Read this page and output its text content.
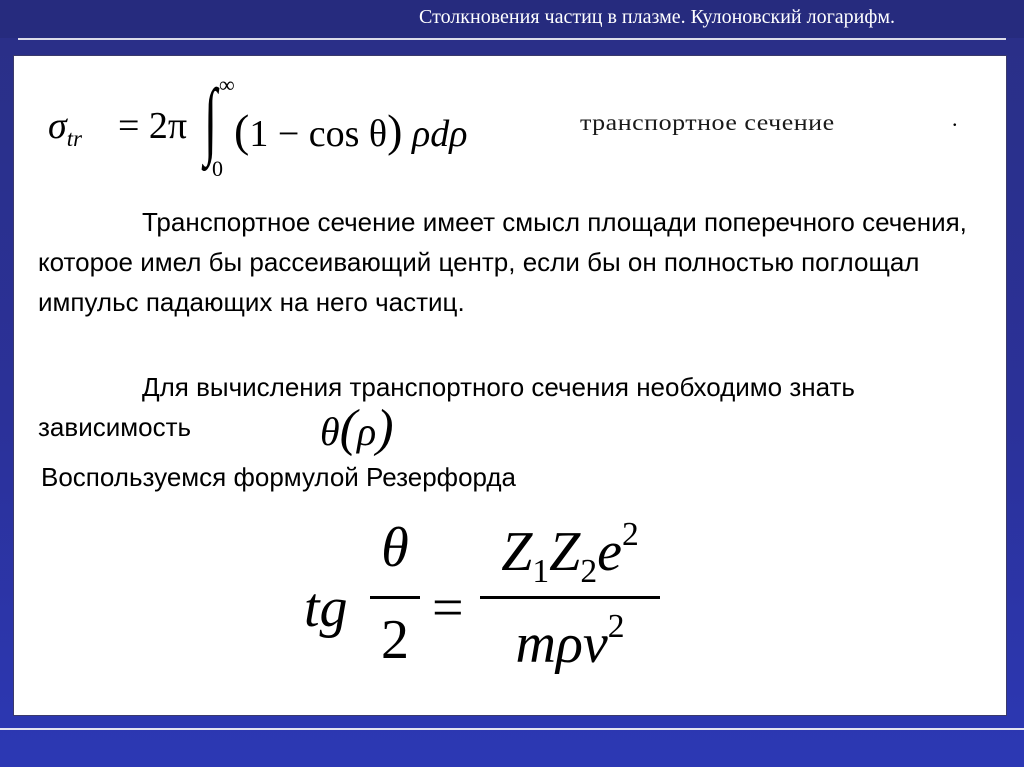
Столкновения частиц в плазме. Кулоновский логарифм.
$\sigma_{tr} = 2\pi$ ∫ ∞
0
(1 − cos θ) ρdρ	транспортное сечение	.
Транспортное сечение имеет смысл площади поперечного сечения, которое имел бы рассеивающий центр, если бы он полностью поглощал импульс падающих на него частиц.
Для вычисления транспортного сечения необходимо знать зависимость	θ(ρ)
Воспользуемся формулой Резерфорда
tg
θ
2
=
$Z_1Z_2e^2$
mρv$^2$
